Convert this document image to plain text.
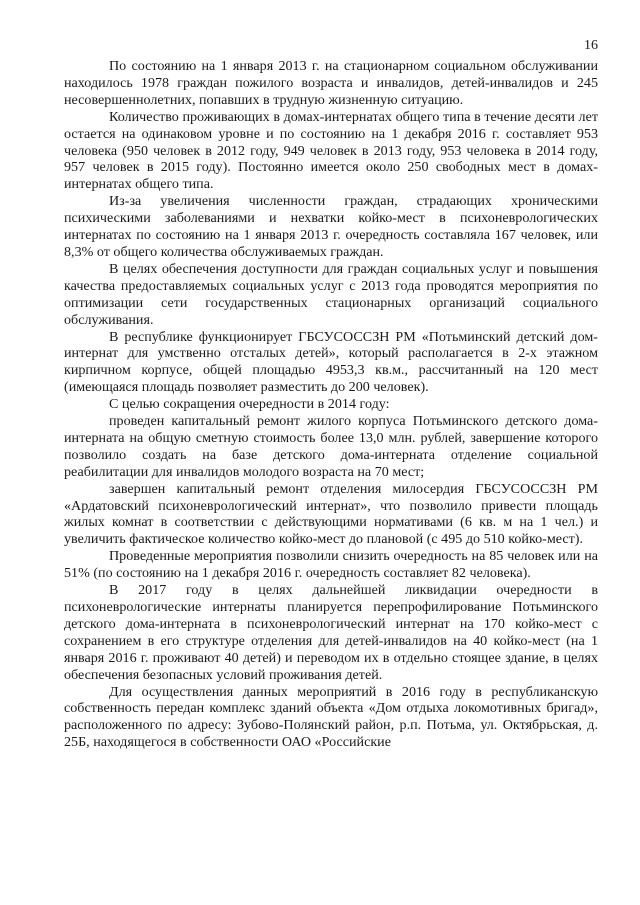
16

По состоянию на 1 января 2013 г. на стационарном социальном обслуживании находилось 1978 граждан пожилого возраста и инвалидов, детей-инвалидов и 245 несовершеннолетних, попавших в трудную жизненную ситуацию.

Количество проживающих в домах-интернатах общего типа в течение десяти лет остается на одинаковом уровне и по состоянию на 1 декабря 2016 г. составляет 953 человека (950 человек в 2012 году, 949 человек в 2013 году, 953 человека в 2014 году, 957 человек в 2015 году). Постоянно имеется около 250 свободных мест в домах-интернатах общего типа.

Из-за увеличения численности граждан, страдающих хроническими психическими заболеваниями и нехватки койко-мест в психоневрологических интернатах по состоянию на 1 января 2013 г. очередность составляла 167 человек, или 8,3% от общего количества обслуживаемых граждан.

В целях обеспечения доступности для граждан социальных услуг и повышения качества предоставляемых социальных услуг с 2013 года проводятся мероприятия по оптимизации сети государственных стационарных организаций социального обслуживания.

В республике функционирует ГБСУСОССЗН РМ «Потьминский детский дом-интернат для умственно отсталых детей», который располагается в 2-х этажном кирпичном корпусе, общей площадью 4953,3 кв.м., рассчитанный на 120 мест (имеющаяся площадь позволяет разместить до 200 человек).

С целью сокращения очередности в 2014 году:

проведен капитальный ремонт жилого корпуса Потьминского детского дома-интерната на общую сметную стоимость более 13,0 млн. рублей, завершение которого позволило создать на базе детского дома-интерната отделение социальной реабилитации для инвалидов молодого возраста на 70 мест;

завершен капитальный ремонт отделения милосердия ГБСУСОССЗН РМ «Ардатовский психоневрологический интернат», что позволило привести площадь жилых комнат в соответствии с действующими нормативами (6 кв. м на 1 чел.) и увеличить фактическое количество койко-мест до плановой (с 495 до 510 койко-мест).

Проведенные мероприятия позволили снизить очередность на 85 человек или на 51% (по состоянию на 1 декабря 2016 г. очередность составляет 82 человека).

В 2017 году в целях дальнейшей ликвидации очередности в психоневрологические интернаты планируется перепрофилирование Потьминского детского дома-интерната в психоневрологический интернат на 170 койко-мест с сохранением в его структуре отделения для детей-инвалидов на 40 койко-мест (на 1 января 2016 г. проживают 40 детей) и переводом их в отдельно стоящее здание, в целях обеспечения безопасных условий проживания детей.

Для осуществления данных мероприятий в 2016 году в республиканскую собственность передан комплекс зданий объекта «Дом отдыха локомотивных бригад», расположенного по адресу: Зубово-Полянский район, р.п. Потьма, ул. Октябрьская, д. 25Б, находящегося в собственности ОАО «Российские
